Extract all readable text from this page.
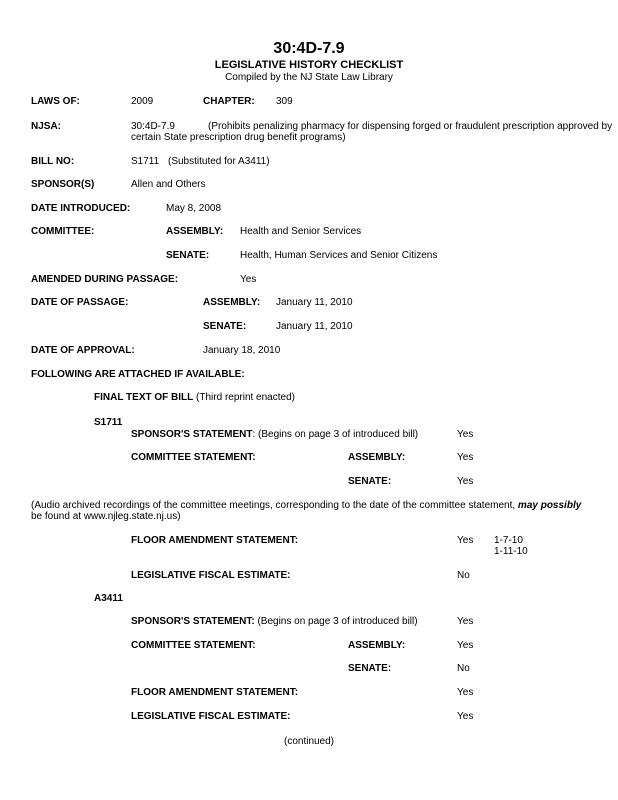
30:4D-7.9
LEGISLATIVE HISTORY CHECKLIST
Compiled by the NJ State Law Library
LAWS OF:	2009	CHAPTER: 309
NJSA:	30:4D-7.9	(Prohibits penalizing pharmacy for dispensing forged or fraudulent prescription approved by
certain State prescription drug benefit programs)
BILL NO:	S1711 (Substituted for A3411)
SPONSOR(S)	Allen and Others
DATE INTRODUCED:	May 8, 2008
COMMITTEE:	ASSEMBLY: Health and Senior Services
SENATE:	Health, Human Services and Senior Citizens
AMENDED DURING PASSAGE:	Yes
DATE OF PASSAGE:	ASSEMBLY: January 11, 2010
SENATE:	January 11, 2010
DATE OF APPROVAL:	January 18, 2010
FOLLOWING ARE ATTACHED IF AVAILABLE:
FINAL TEXT OF BILL (Third reprint enacted)
S1711
SPONSOR'S STATEMENT: (Begins on page 3 of introduced bill)	Yes
COMMITTEE STATEMENT:	ASSEMBLY:	Yes
SENATE:	Yes
(Audio archived recordings of the committee meetings, corresponding to the date of the committee statement, may possibly
be found at www.njleg.state.nj.us)
FLOOR AMENDMENT STATEMENT:	Yes 1-7-10
1-11-10
LEGISLATIVE FISCAL ESTIMATE:	No
A3411
SPONSOR'S STATEMENT: (Begins on page 3 of introduced bill)	Yes
COMMITTEE STATEMENT:	ASSEMBLY:	Yes
SENATE:	No
FLOOR AMENDMENT STATEMENT:	Yes
LEGISLATIVE FISCAL ESTIMATE:	Yes
(continued)
